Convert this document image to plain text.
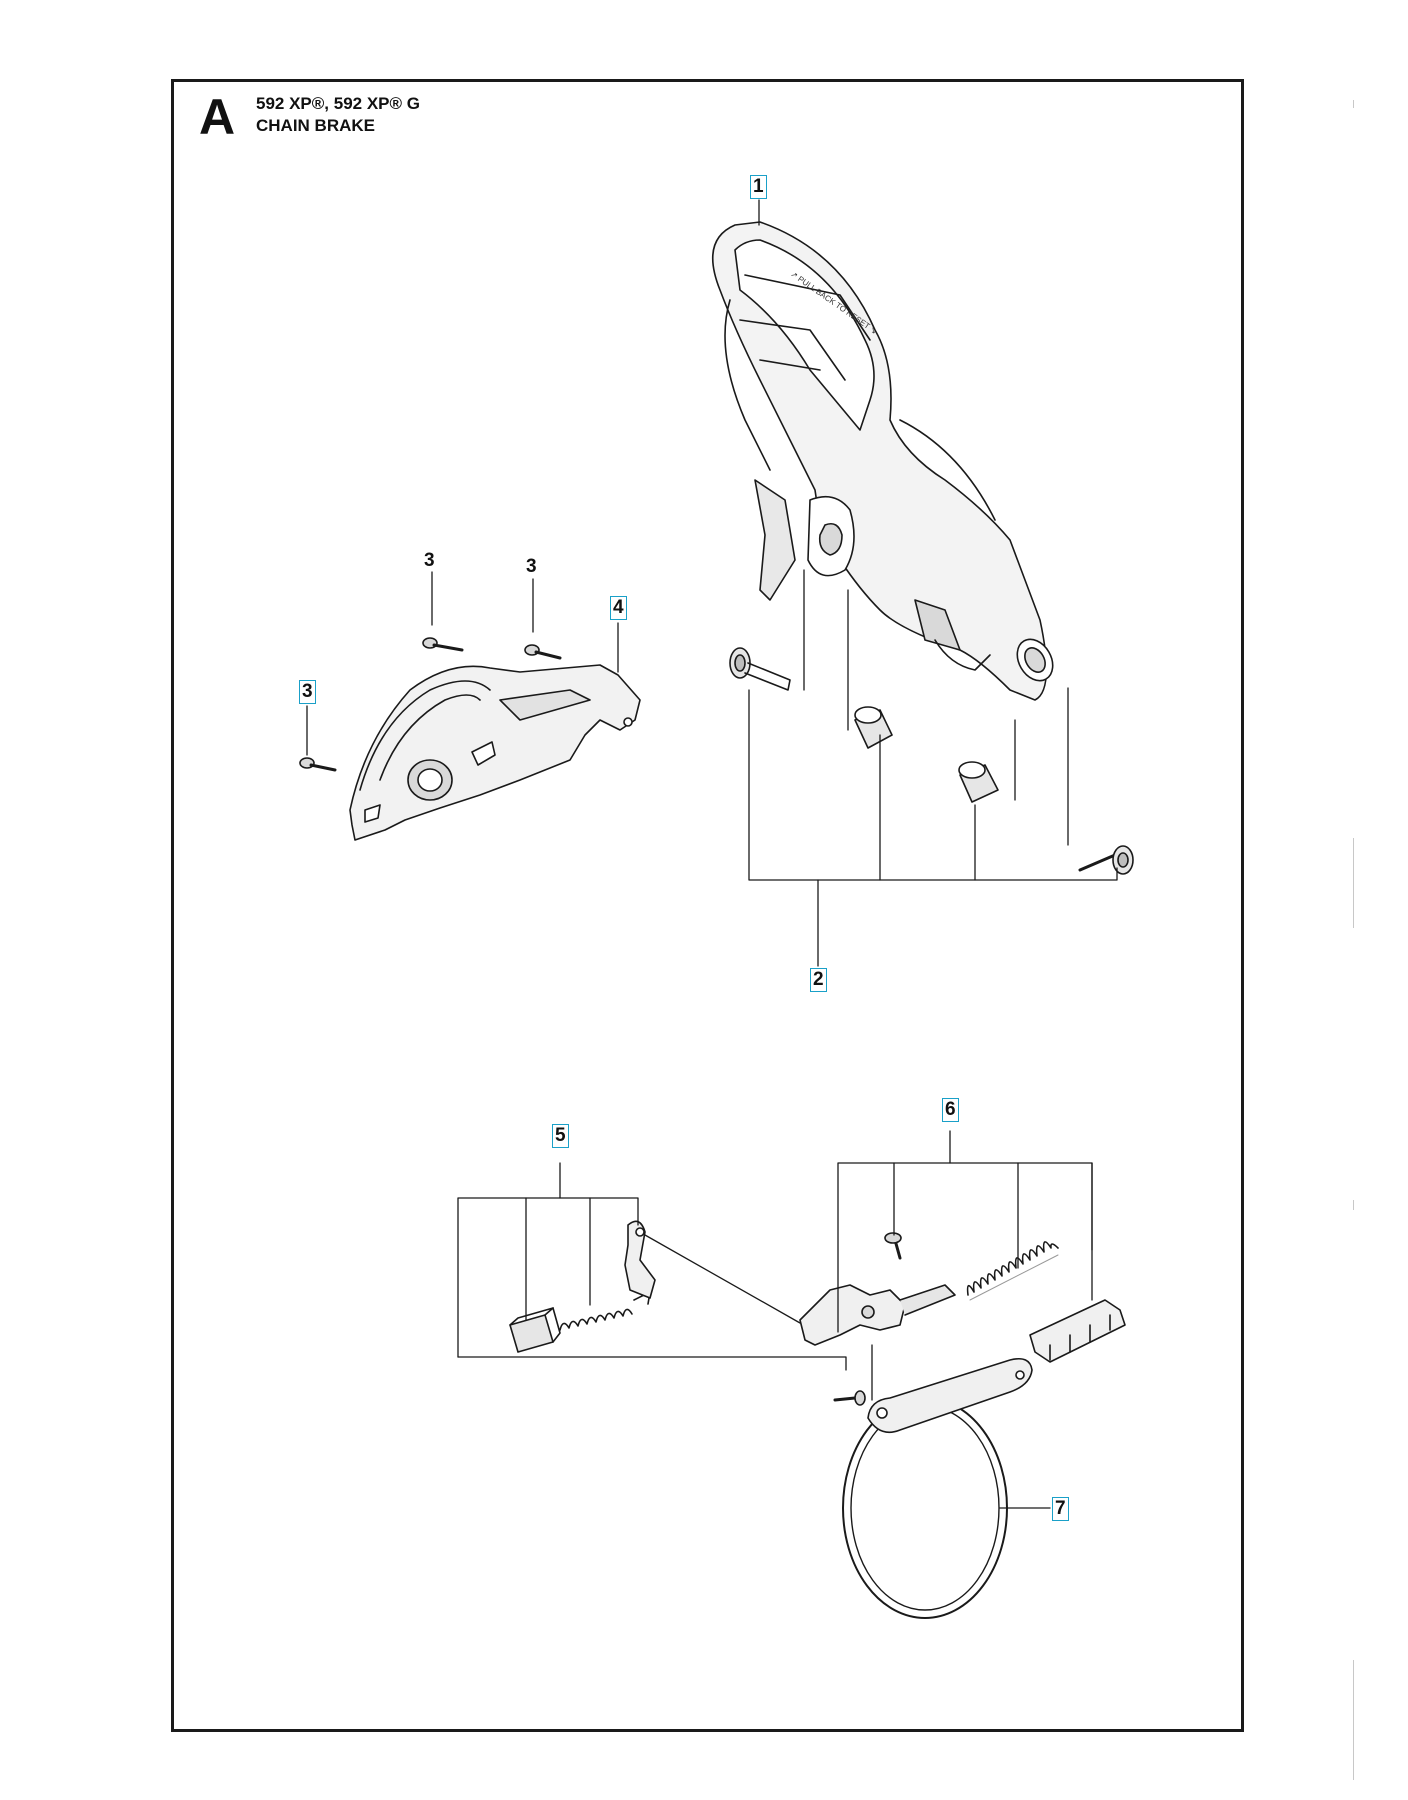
A 592 XP®, 592 XP® G
CHAIN BRAKE
↗ PULL BACK TO RESET ↘
1
3	3
4
3
2
6
5
7
